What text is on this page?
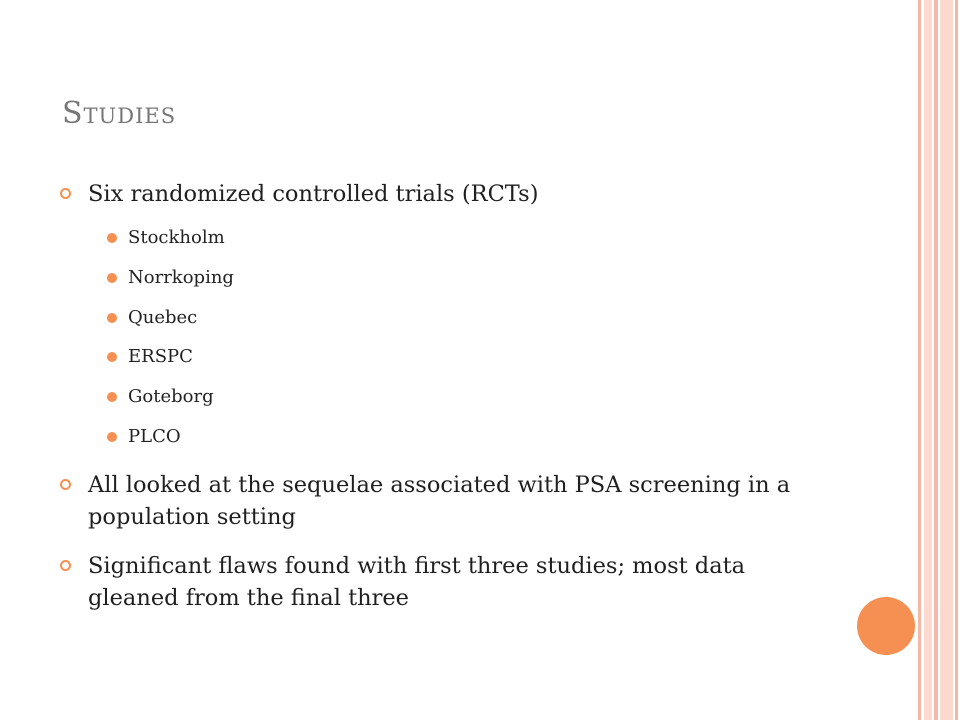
Studies
Six randomized controlled trials (RCTs)
Stockholm
Norrkoping
Quebec
ERSPC
Goteborg
PLCO
All looked at the sequelae associated with PSA screening in a population setting
Significant flaws found with first three studies; most data gleaned from the final three
